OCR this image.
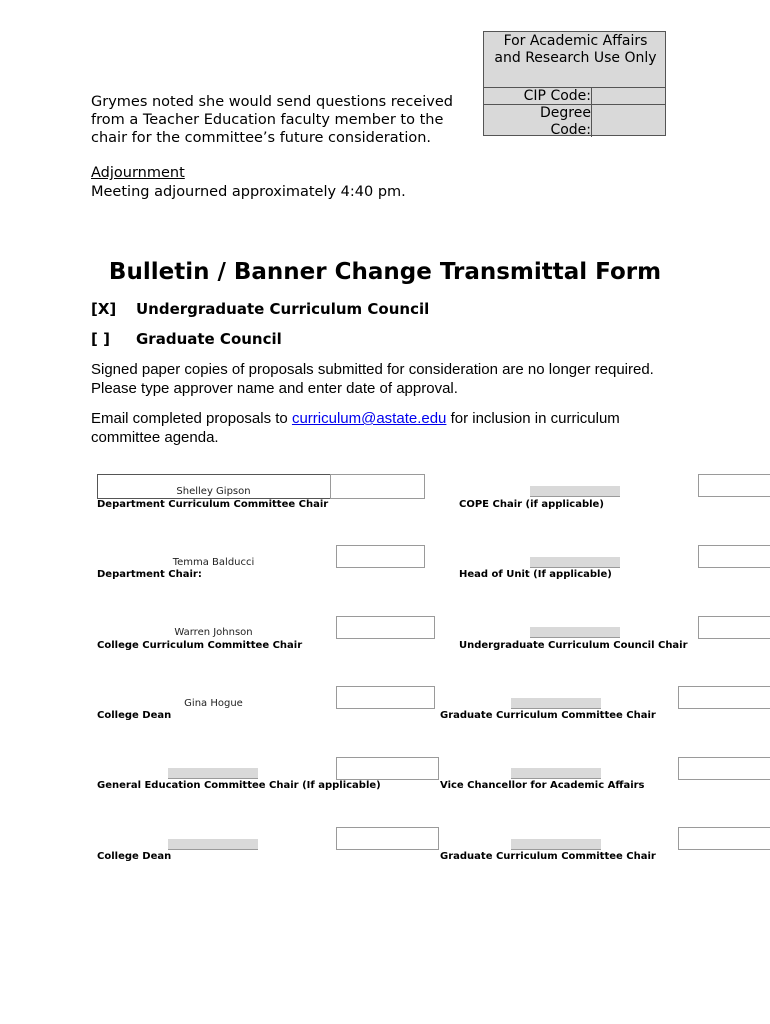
For Academic Affairs and Research Use Only
CIP Code:
Degree Code:
Grymes noted she would send questions received from a Teacher Education faculty member to the chair for the committee’s future consideration.
Adjournment
Meeting adjourned approximately 4:40 pm.
Bulletin / Banner Change Transmittal Form
[X] Undergraduate Curriculum Council
[ ] Graduate Council
Signed paper copies of proposals submitted for consideration are no longer required. Please type approver name and enter date of approval.
Email completed proposals to curriculum@astate.edu for inclusion in curriculum committee agenda.
Shelley Gipson
Department Curriculum Committee Chair
Temma Balducci
Department Chair:
Warren Johnson
College Curriculum Committee Chair
Gina Hogue
College Dean
General Education Committee Chair (If applicable)
College Dean
COPE Chair (if applicable)
Head of Unit (If applicable)
Undergraduate Curriculum Council Chair
Graduate Curriculum Committee Chair
Vice Chancellor for Academic Affairs
Graduate Curriculum Committee Chair
